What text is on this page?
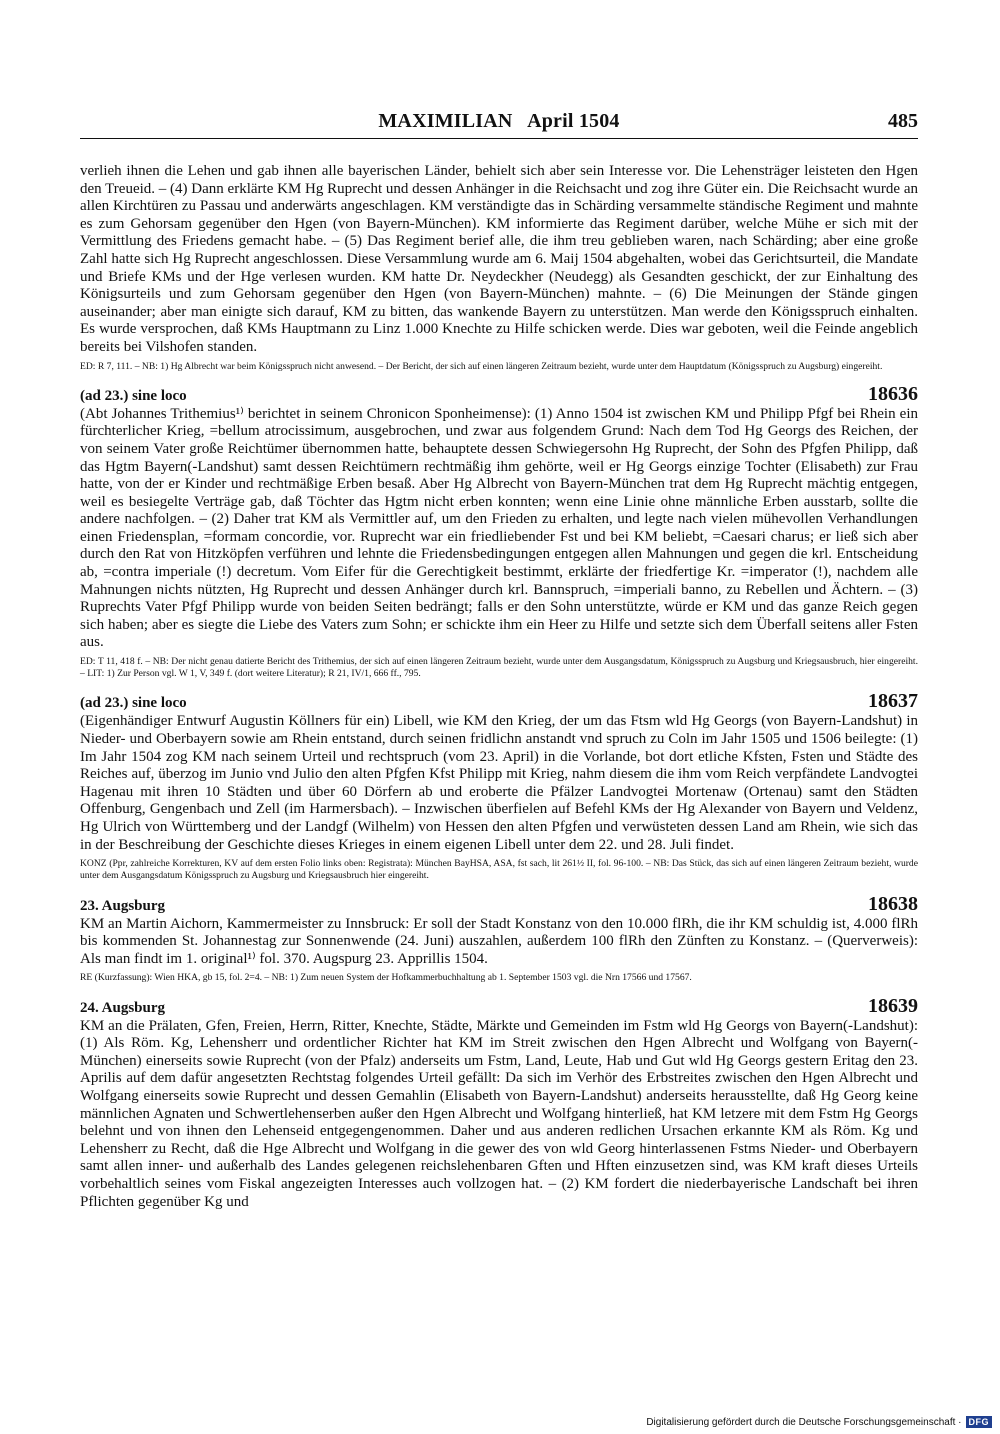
MAXIMILIAN   April 1504	485

verlieh ihnen die Lehen und gab ihnen alle bayerischen Länder, behielt sich aber sein Interesse vor. Die Lehensträger leisteten den Hgen den Treueid. – (4) Dann erklärte KM Hg Ruprecht und dessen Anhänger in die Reichsacht und zog ihre Güter ein. Die Reichsacht wurde an allen Kirchtüren zu Passau und anderwärts angeschlagen. KM verständigte das in Schärding versammelte ständische Regiment und mahnte es zum Gehorsam gegenüber den Hgen (von Bayern-München). KM informierte das Regiment darüber, welche Mühe er sich mit der Vermittlung des Friedens gemacht habe. – (5) Das Regiment berief alle, die ihm treu geblieben waren, nach Schärding; aber eine große Zahl hatte sich Hg Ruprecht angeschlossen. Diese Versammlung wurde am 6. Maij 1504 abgehalten, wobei das Gerichtsurteil, die Mandate und Briefe KMs und der Hge verlesen wurden. KM hatte Dr. Neydeckher (Neudegg) als Gesandten geschickt, der zur Einhaltung des Königsurteils und zum Gehorsam gegenüber den Hgen (von Bayern-München) mahnte. – (6) Die Meinungen der Stände gingen auseinander; aber man einigte sich darauf, KM zu bitten, das wankende Bayern zu unterstützen. Man werde den Königsspruch einhalten. Es wurde versprochen, daß KMs Hauptmann zu Linz 1.000 Knechte zu Hilfe schicken werde. Dies war geboten, weil die Feinde angeblich bereits bei Vilshofen standen.

ED: R 7, 111. – NB: 1) Hg Albrecht war beim Königsspruch nicht anwesend. – Der Bericht, der sich auf einen längeren Zeitraum bezieht, wurde unter dem Hauptdatum (Königsspruch zu Augsburg) eingereiht.

(ad 23.) sine loco	18636

(Abt Johannes Trithemius¹⁾ berichtet in seinem Chronicon Sponheimense): (1) Anno 1504 ist zwischen KM und Philipp Pfgf bei Rhein ein fürchterlicher Krieg, =bellum atrocissimum, ausgebrochen, und zwar aus folgendem Grund: Nach dem Tod Hg Georgs des Reichen, der von seinem Vater große Reichtümer übernommen hatte, behauptete dessen Schwiegersohn Hg Ruprecht, der Sohn des Pfgfen Philipp, daß das Hgtm Bayern(-Landshut) samt dessen Reichtümern rechtmäßig ihm gehörte, weil er Hg Georgs einzige Tochter (Elisabeth) zur Frau hatte, von der er Kinder und rechtmäßige Erben besaß. Aber Hg Albrecht von Bayern-München trat dem Hg Ruprecht mächtig entgegen, weil es besiegelte Verträge gab, daß Töchter das Hgtm nicht erben konnten; wenn eine Linie ohne männliche Erben ausstarb, sollte die andere nachfolgen. – (2) Daher trat KM als Vermittler auf, um den Frieden zu erhalten, und legte nach vielen mühevollen Verhandlungen einen Friedensplan, =formam concordie, vor. Ruprecht war ein friedliebender Fst und bei KM beliebt, =Caesari charus; er ließ sich aber durch den Rat von Hitzköpfen verführen und lehnte die Friedensbedingungen entgegen allen Mahnungen und gegen die krl. Entscheidung ab, =contra imperiale (!) decretum. Vom Eifer für die Gerechtigkeit bestimmt, erklärte der friedfertige Kr. =imperator (!), nachdem alle Mahnungen nichts nützten, Hg Ruprecht und dessen Anhänger durch krl. Bannspruch, =imperiali banno, zu Rebellen und Ächtern. – (3) Ruprechts Vater Pfgf Philipp wurde von beiden Seiten bedrängt; falls er den Sohn unterstützte, würde er KM und das ganze Reich gegen sich haben; aber es siegte die Liebe des Vaters zum Sohn; er schickte ihm ein Heer zu Hilfe und setzte sich dem Überfall seitens aller Fsten aus.

ED: T 11, 418 f. – NB: Der nicht genau datierte Bericht des Trithemius, der sich auf einen längeren Zeitraum bezieht, wurde unter dem Ausgangsdatum, Königsspruch zu Augsburg und Kriegsausbruch, hier eingereiht. – LIT: 1) Zur Person vgl. W 1, V, 349 f. (dort weitere Literatur); R 21, IV/1, 666 ff., 795.

(ad 23.) sine loco	18637

(Eigenhändiger Entwurf Augustin Köllners für ein) Libell, wie KM den Krieg, der um das Ftsm wld Hg Georgs (von Bayern-Landshut) in Nieder- und Oberbayern sowie am Rhein entstand, durch seinen fridlichn anstandt vnd spruch zu Coln im Jahr 1505 und 1506 beilegte: (1) Im Jahr 1504 zog KM nach seinem Urteil und rechtspruch (vom 23. April) in die Vorlande, bot dort etliche Kfsten, Fsten und Städte des Reiches auf, überzog im Junio vnd Julio den alten Pfgfen Kfst Philipp mit Krieg, nahm diesem die ihm vom Reich verpfändete Landvogtei Hagenau mit ihren 10 Städten und über 60 Dörfern ab und eroberte die Pfälzer Landvogtei Mortenaw (Ortenau) samt den Städten Offenburg, Gengenbach und Zell (im Harmersbach). – Inzwischen überfielen auf Befehl KMs der Hg Alexander von Bayern und Veldenz, Hg Ulrich von Württemberg und der Landgf (Wilhelm) von Hessen den alten Pfgfen und verwüsteten dessen Land am Rhein, wie sich das in der Beschreibung der Geschichte dieses Krieges in einem eigenen Libell unter dem 22. und 28. Juli findet.

KONZ (Ppr, zahlreiche Korrekturen, KV auf dem ersten Folio links oben: Registrata): München BayHSA, ASA, fst sach, lit 261½ II, fol. 96-100. – NB: Das Stück, das sich auf einen längeren Zeitraum bezieht, wurde unter dem Ausgangsdatum Königsspruch zu Augsburg und Kriegsausbruch hier eingereiht.

23. Augsburg	18638

KM an Martin Aichorn, Kammermeister zu Innsbruck: Er soll der Stadt Konstanz von den 10.000 flRh, die ihr KM schuldig ist, 4.000 flRh bis kommenden St. Johannestag zur Sonnenwende (24. Juni) auszahlen, außerdem 100 flRh den Zünften zu Konstanz. – (Querverweis): Als man findt im 1. original¹⁾ fol. 370. Augspurg 23. Apprillis 1504.

RE (Kurzfassung): Wien HKA, gb 15, fol. 2=4. – NB: 1) Zum neuen System der Hofkammerbuchhaltung ab 1. September 1503 vgl. die Nrn 17566 und 17567.

24. Augsburg	18639

KM an die Prälaten, Gfen, Freien, Herrn, Ritter, Knechte, Städte, Märkte und Gemeinden im Fstm wld Hg Georgs von Bayern(-Landshut): (1) Als Röm. Kg, Lehensherr und ordentlicher Richter hat KM im Streit zwischen den Hgen Albrecht und Wolfgang von Bayern(-München) einerseits sowie Ruprecht (von der Pfalz) anderseits um Fstm, Land, Leute, Hab und Gut wld Hg Georgs gestern Eritag den 23. Aprilis auf dem dafür angesetzten Rechtstag folgendes Urteil gefällt: Da sich im Verhör des Erbstreites zwischen den Hgen Albrecht und Wolfgang einerseits sowie Ruprecht und dessen Gemahlin (Elisabeth von Bayern-Landshut) anderseits herausstellte, daß Hg Georg keine männlichen Agnaten und Schwertlehenserben außer den Hgen Albrecht und Wolfgang hinterließ, hat KM letzere mit dem Fstm Hg Georgs belehnt und von ihnen den Lehenseid entgegengenommen. Daher und aus anderen redlichen Ursachen erkannte KM als Röm. Kg und Lehensherr zu Recht, daß die Hge Albrecht und Wolfgang in die gewer des von wld Georg hinterlassenen Fstms Nieder- und Oberbayern samt allen inner- und außerhalb des Landes gelegenen reichslehenbaren Gften und Hften einzusetzen sind, was KM kraft dieses Urteils vorbehaltlich seines vom Fiskal angezeigten Interesses auch vollzogen hat. – (2) KM fordert die niederbayerische Landschaft bei ihren Pflichten gegenüber Kg und

Digitalisierung gefördert durch die Deutsche Forschungsgemeinschaft · DFG
